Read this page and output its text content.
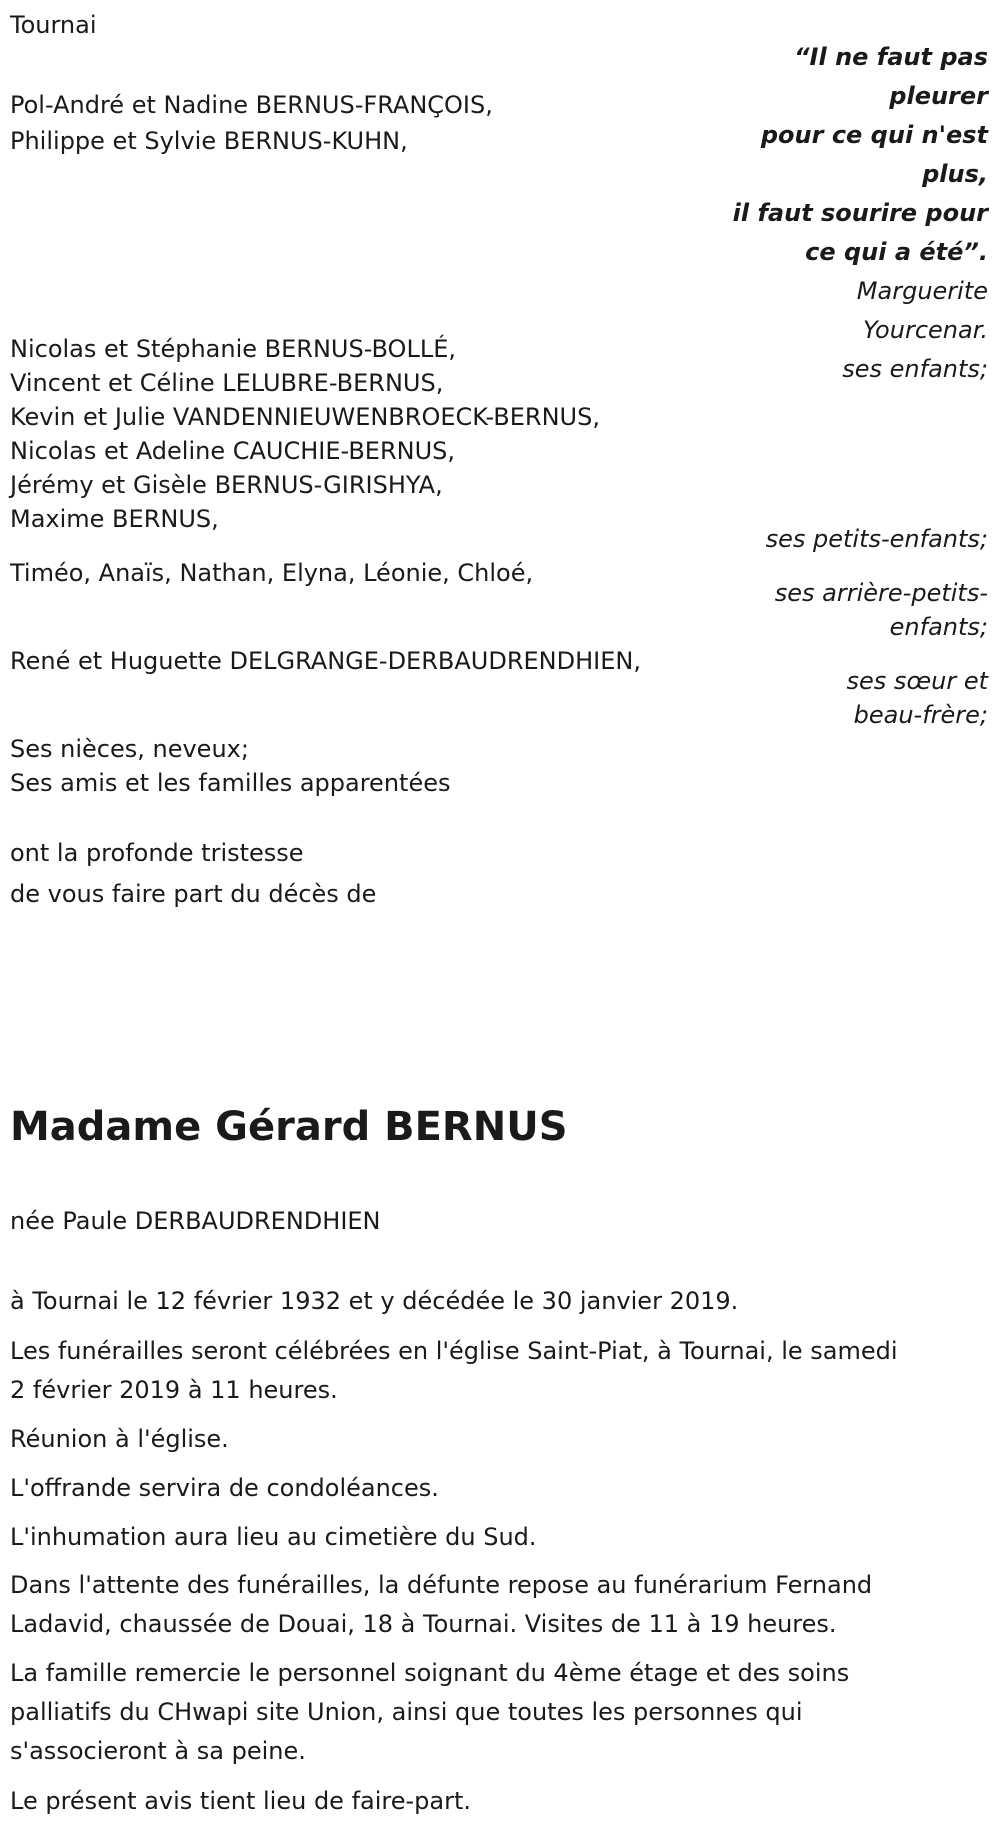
Tournai
Pol-André et Nadine BERNUS-FRANÇOIS,
Philippe et Sylvie BERNUS-KUHN,
“Il ne faut pas
pleurer
pour ce qui n'est
plus,
il faut sourire pour
ce qui a été”.
Marguerite
Yourcenar.
ses enfants;
Nicolas et Stéphanie BERNUS-BOLLÉ,
Vincent et Céline LELUBRE-BERNUS,
Kevin et Julie VANDENNIEUWENBROECK-BERNUS,
Nicolas et Adeline CAUCHIE-BERNUS,
Jérémy et Gisèle BERNUS-GIRISHYA,
Maxime BERNUS,
ses petits-enfants;
Timéo, Anaïs, Nathan, Elyna, Léonie, Chloé,
ses arrière-petits-
enfants;
René et Huguette DELGRANGE-DERBAUDRENDHIEN,
ses sœur et
beau-frère;
Ses nièces, neveux;
Ses amis et les familles apparentées
ont la profonde tristesse
de vous faire part du décès de
Madame Gérard BERNUS
née Paule DERBAUDRENDHIEN
à Tournai le 12 février 1932 et y décédée le 30 janvier 2019.
Les funérailles seront célébrées en l'église Saint-Piat, à Tournai, le samedi
2 février 2019 à 11 heures.
Réunion à l'église.
L'offrande servira de condoléances.
L'inhumation aura lieu au cimetière du Sud.
Dans l'attente des funérailles, la défunte repose au funérarium Fernand
Ladavid, chaussée de Douai, 18 à Tournai. Visites de 11 à 19 heures.
La famille remercie le personnel soignant du 4ème étage et des soins
palliatifs du CHwapi site Union, ainsi que toutes les personnes qui
s'associeront à sa peine.
Le présent avis tient lieu de faire-part.
